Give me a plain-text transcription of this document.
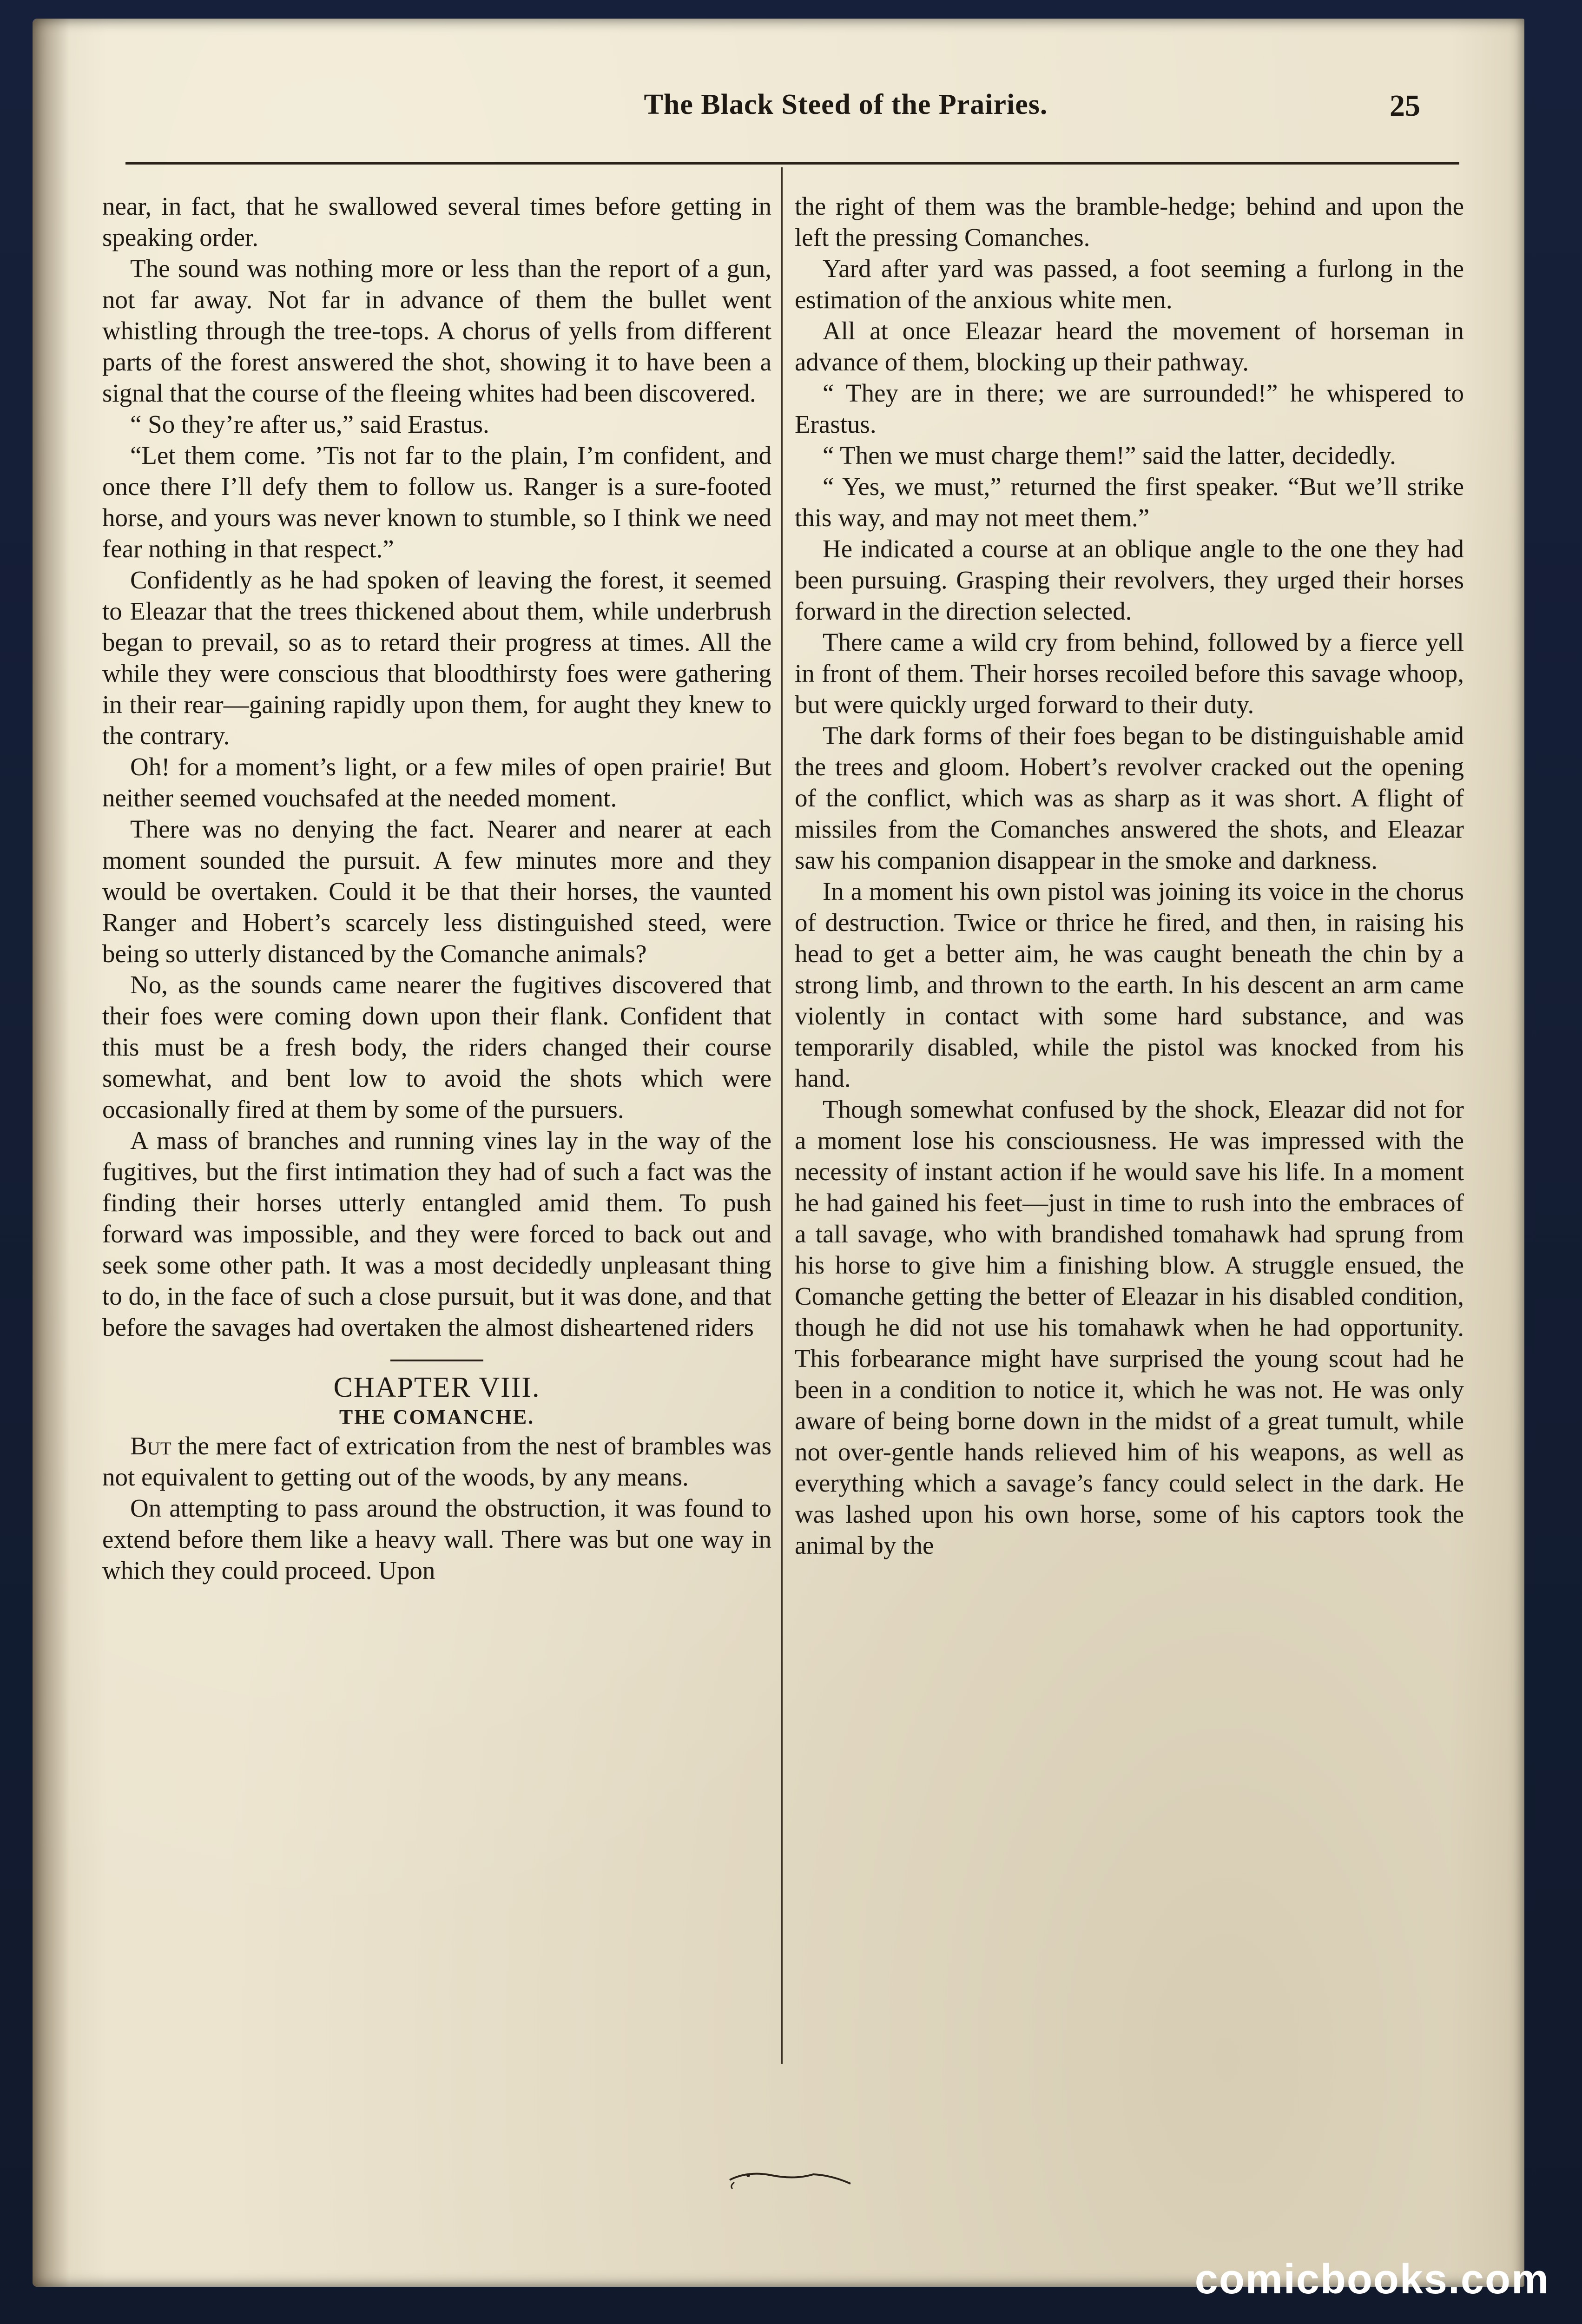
The Black Steed of the Prairies.	25

near, in fact, that he swallowed several times before getting in speaking order.

The sound was nothing more or less than the report of a gun, not far away. Not far in advance of them the bullet went whistling through the tree-tops. A chorus of yells from different parts of the forest answered the shot, showing it to have been a signal that the course of the fleeing whites had been discovered.

“ So they’re after us,” said Erastus.

“Let them come. ’Tis not far to the plain, I’m confident, and once there I’ll defy them to follow us. Ranger is a sure-footed horse, and yours was never known to stumble, so I think we need fear nothing in that respect.”

Confidently as he had spoken of leaving the forest, it seemed to Eleazar that the trees thickened about them, while underbrush began to prevail, so as to retard their progress at times. All the while they were conscious that bloodthirsty foes were gathering in their rear—gaining rapidly upon them, for aught they knew to the contrary.

Oh! for a moment’s light, or a few miles of open prairie! But neither seemed vouchsafed at the needed moment.

There was no denying the fact. Nearer and nearer at each moment sounded the pursuit. A few minutes more and they would be overtaken. Could it be that their horses, the vaunted Ranger and Hobert’s scarcely less distinguished steed, were being so utterly distanced by the Comanche animals?

No, as the sounds came nearer the fugitives discovered that their foes were coming down upon their flank. Confident that this must be a fresh body, the riders changed their course somewhat, and bent low to avoid the shots which were occasionally fired at them by some of the pursuers.

A mass of branches and running vines lay in the way of the fugitives, but the first intimation they had of such a fact was the finding their horses utterly entangled amid them. To push forward was impossible, and they were forced to back out and seek some other path. It was a most decidedly unpleasant thing to do, in the face of such a close pursuit, but it was done, and that before the savages had overtaken the almost disheartened riders

CHAPTER VIII.
THE COMANCHE.

But the mere fact of extrication from the nest of brambles was not equivalent to getting out of the woods, by any means.

On attempting to pass around the obstruction, it was found to extend before them like a heavy wall. There was but one way in which they could proceed. Upon

the right of them was the bramble-hedge; behind and upon the left the pressing Comanches.

Yard after yard was passed, a foot seeming a furlong in the estimation of the anxious white men.

All at once Eleazar heard the movement of horseman in advance of them, blocking up their pathway.

“ They are in there; we are surrounded!” he whispered to Erastus.

“ Then we must charge them!” said the latter, decidedly.

“ Yes, we must,” returned the first speaker. “But we’ll strike this way, and may not meet them.”

He indicated a course at an oblique angle to the one they had been pursuing. Grasping their revolvers, they urged their horses forward in the direction selected.

There came a wild cry from behind, followed by a fierce yell in front of them. Their horses recoiled before this savage whoop, but were quickly urged forward to their duty.

The dark forms of their foes began to be distinguishable amid the trees and gloom. Hobert’s revolver cracked out the opening of the conflict, which was as sharp as it was short. A flight of missiles from the Comanches answered the shots, and Eleazar saw his companion disappear in the smoke and darkness.

In a moment his own pistol was joining its voice in the chorus of destruction. Twice or thrice he fired, and then, in raising his head to get a better aim, he was caught beneath the chin by a strong limb, and thrown to the earth. In his descent an arm came violently in contact with some hard substance, and was temporarily disabled, while the pistol was knocked from his hand.

Though somewhat confused by the shock, Eleazar did not for a moment lose his consciousness. He was impressed with the necessity of instant action if he would save his life. In a moment he had gained his feet—just in time to rush into the embraces of a tall savage, who with brandished tomahawk had sprung from his horse to give him a finishing blow. A struggle ensued, the Comanche getting the better of Eleazar in his disabled condition, though he did not use his tomahawk when he had opportunity. This forbearance might have surprised the young scout had he been in a condition to notice it, which he was not. He was only aware of being borne down in the midst of a great tumult, while not over-gentle hands relieved him of his weapons, as well as everything which a savage’s fancy could select in the dark. He was lashed upon his own horse, some of his captors took the animal by the

comicbooks.com
